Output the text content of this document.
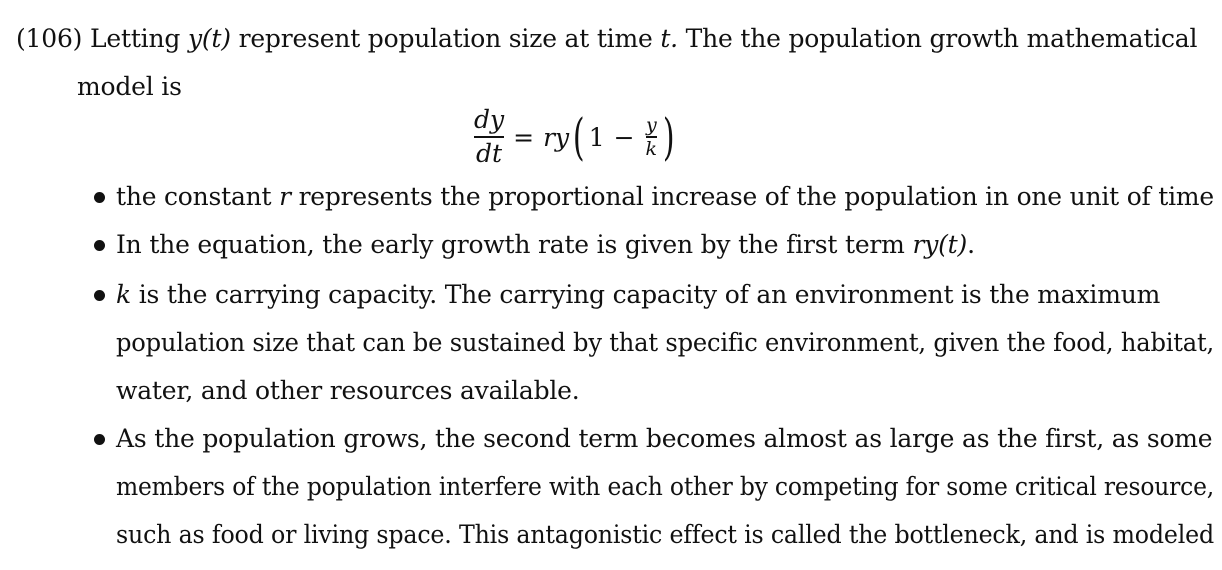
(106) Letting y(t) represent population size at time t. The the population growth mathematical
model is
$\frac{dy}{dt}$ = ry ( $1 - \frac{y}{k}$ )
the constant r represents the proportional increase of the population in one unit of time
In the equation, the early growth rate is given by the first term ry(t).
k is the carrying capacity. The carrying capacity of an environment is the maximum
population size that can be sustained by that specific environment, given the food, habitat,
water, and other resources available.
As the population grows, the second term becomes almost as large as the first, as some
members of the population interfere with each other by competing for some critical resource,
such as food or living space. This antagonistic effect is called the bottleneck, and is modeled
